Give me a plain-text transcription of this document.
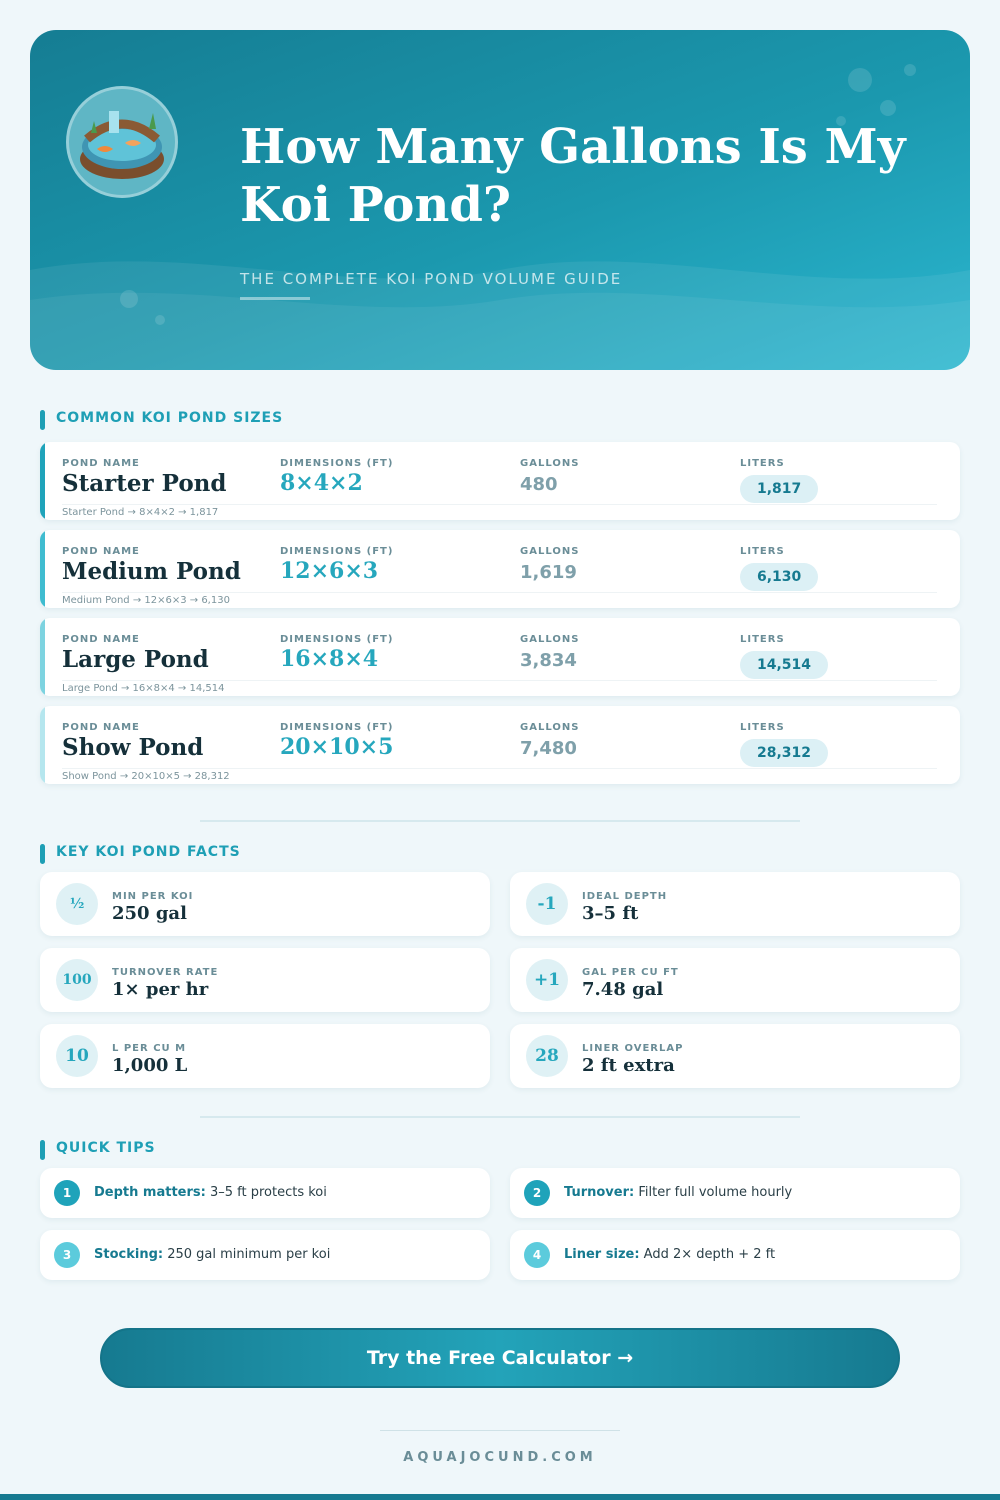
How Many Gallons Is My Koi Pond?
THE COMPLETE KOI POND VOLUME GUIDE
COMMON KOI POND SIZES
POND NAME	DIMENSIONS (FT)	GALLONS	LITERS
Starter Pond 8×4×2	480	1,817
Starter Pond → 8×4×2 → 1,817
POND NAME	DIMENSIONS (FT)	GALLONS	LITERS
Medium Pond 12×6×3	1,619	6,130
Medium Pond → 12×6×3 → 6,130
POND NAME	DIMENSIONS (FT)	GALLONS	LITERS
Large Pond	16×8×4	3,834	14,514
Large Pond → 16×8×4 → 14,514
POND NAME	DIMENSIONS (FT)	GALLONS	LITERS
Show Pond	20×10×5	7,480	28,312
Show Pond → 20×10×5 → 28,312
KEY KOI POND FACTS
½	MIN PER KOI
250 gal	-1	IDEAL DEPTH
3–5 ft
100	TURNOVER RATE
1× per hr	+1	GAL PER CU FT
7.48 gal
10	L PER CU M
1,000 L	28	LINER OVERLAP
2 ft extra
QUICK TIPS
1	Depth matters: 3–5 ft protects koi	2	Turnover: Filter full volume hourly
3	Stocking: 250 gal minimum per koi	4	Liner size: Add 2× depth + 2 ft
Try the Free Calculator →
AQUAJOCUND.COM
